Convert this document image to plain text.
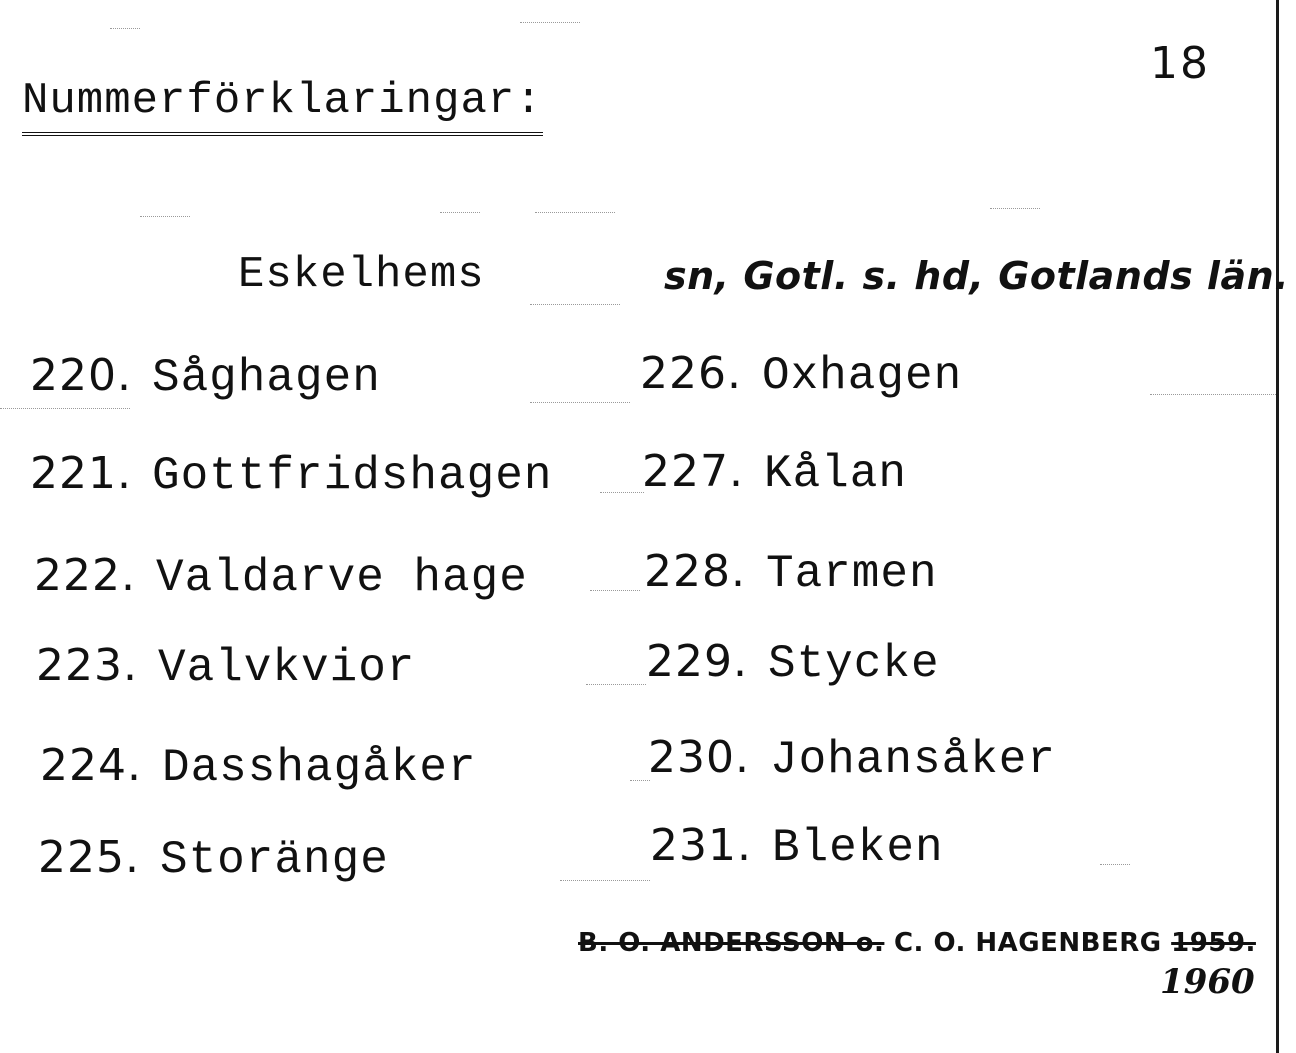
18
Nummerförklaringar:
Eskelhems	sn, Gotl. s. hd, Gotlands län.
220. Såghagen
221. Gottfridshagen
222. Valdarve hage
223. Valvkvior
224. Dasshagåker
225. Storänge
226. Oxhagen
227. Kålan
228. Tarmen
229. Stycke
230. Johansåker
231. Bleken
B. O. ANDERSSON o. C. O. HAGENBERG 1959.
1960
